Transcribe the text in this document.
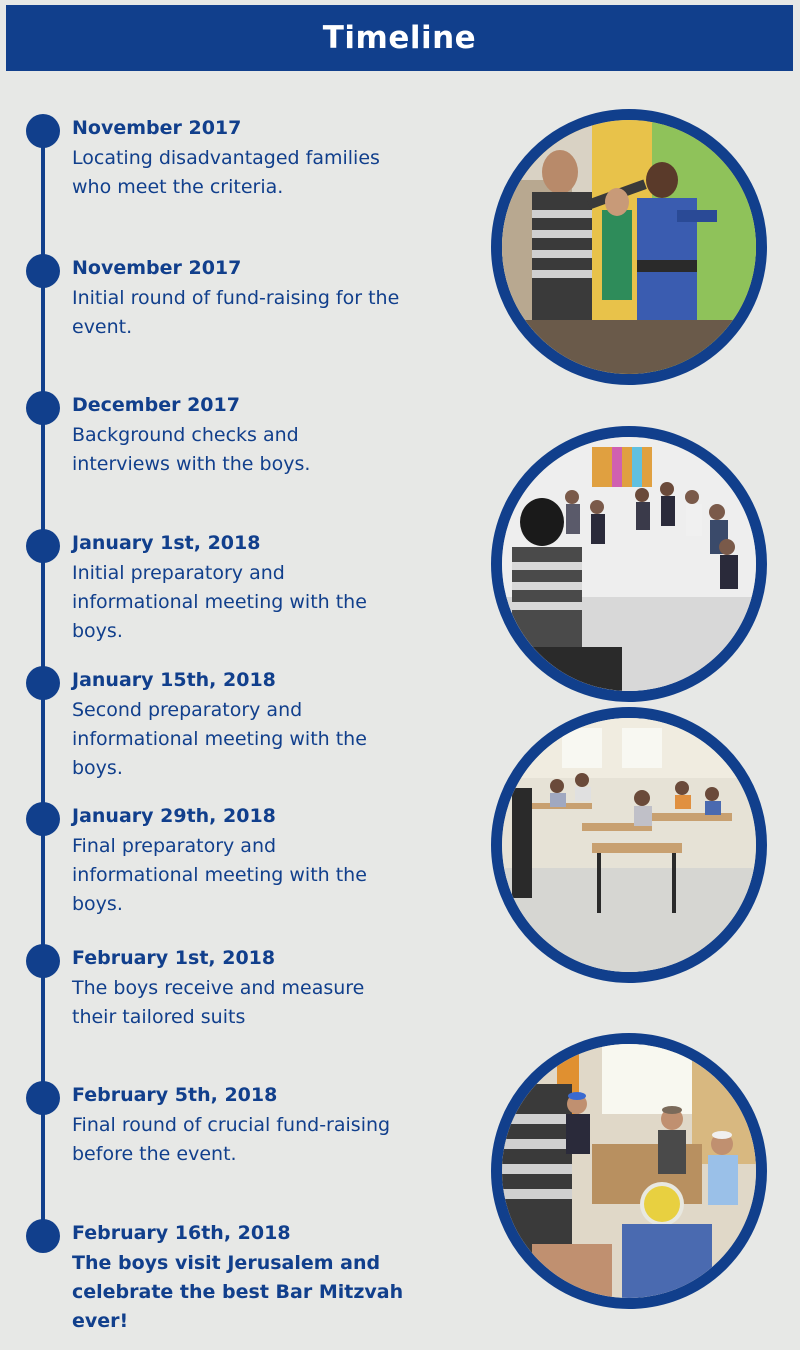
Timeline
November 2017
Locating disadvantaged families who meet the criteria.
November 2017
Initial round of fund-raising for the event.
December 2017
Background checks and interviews with the boys.
January 1st, 2018
Initial preparatory and informational meeting with the boys.
January 15th, 2018
Second preparatory and informational meeting with the boys.
January 29th, 2018
Final preparatory and informational meeting with the boys.
February 1st, 2018
The boys receive and measure their tailored suits
February 5th, 2018
Final round of crucial fund-raising before the event.
February 16th, 2018
The boys visit Jerusalem and celebrate the best Bar Mitzvah ever!
